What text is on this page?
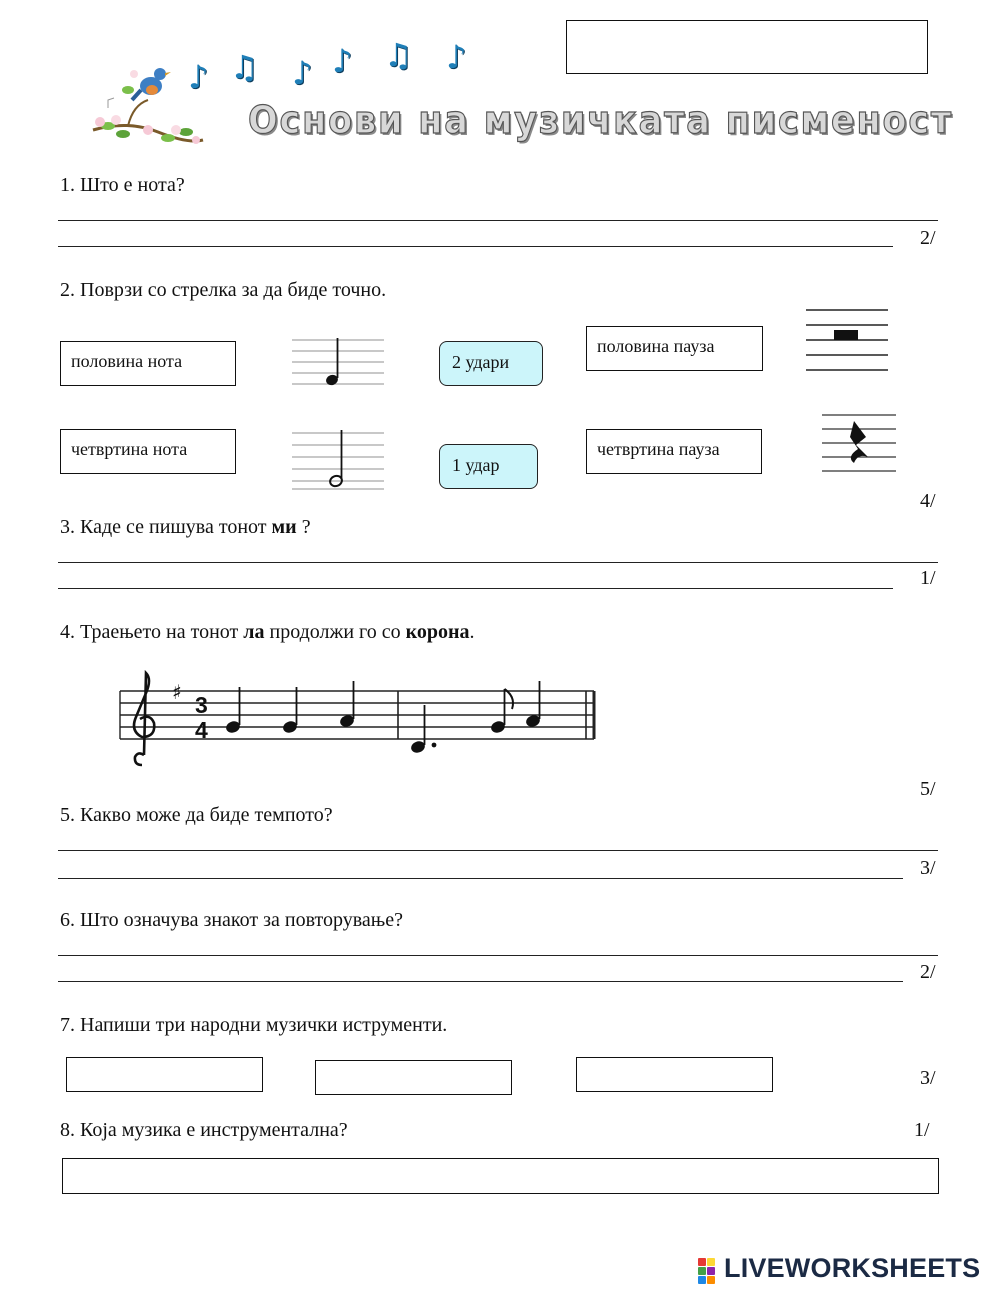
♪ ♫ ♪ ♪ ♫ ♪
Основи на музичката писменост
1. Што е нота?
2/
2. Поврзи со стрелка за да биде точно.
половина нота
четвртина нота
2 удари
1 удар
половина пауза
четвртина пауза
4/
3. Каде се пишува тонот ми ?
1/
4. Траењето на тонот ла продолжи го со корона.
♯ 3
4
5/
5. Какво може да биде темпото?
3/
6. Што означува знакот за повторување?
2/
7. Напиши три народни музички иструменти.
3/
8. Која музика е инструментална?	1/
LIVEWORKSHEETS
